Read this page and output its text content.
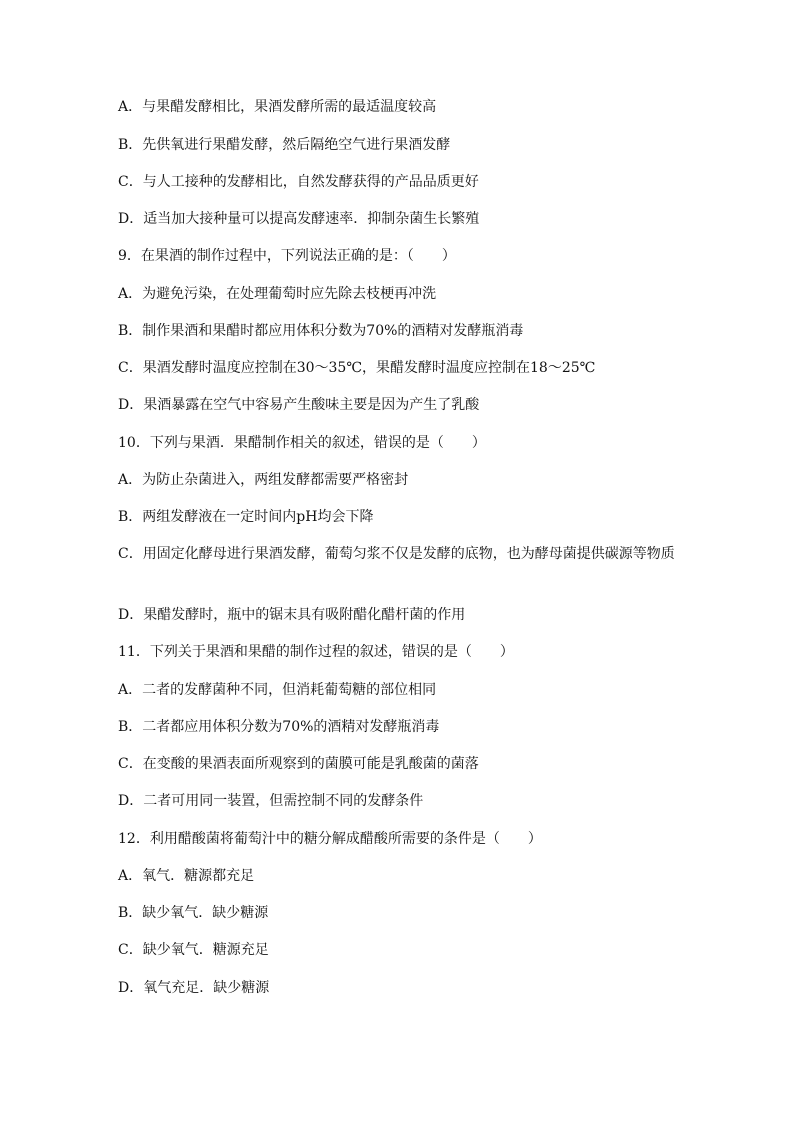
A．与果醋发酵相比，果酒发酵所需的最适温度较高
B．先供氧进行果醋发酵，然后隔绝空气进行果酒发酵
C．与人工接种的发酵相比，自然发酵获得的产品品质更好
D．适当加大接种量可以提高发酵速率．抑制杂菌生长繁殖
9．在果酒的制作过程中，下列说法正确的是：（　　）
A．为避免污染，在处理葡萄时应先除去枝梗再冲洗
B．制作果酒和果醋时都应用体积分数为70%的酒精对发酵瓶消毒
C．果酒发酵时温度应控制在30～35℃，果醋发酵时温度应控制在18～25℃
D．果酒暴露在空气中容易产生酸味主要是因为产生了乳酸
10．下列与果酒．果醋制作相关的叙述，错误的是（　　）
A．为防止杂菌进入，两组发酵都需要严格密封
B．两组发酵液在一定时间内pH均会下降
C．用固定化酵母进行果酒发酵，葡萄匀浆不仅是发酵的底物，也为酵母菌提供碳源等物质
D．果醋发酵时，瓶中的锯末具有吸附醋化醋杆菌的作用
11．下列关于果酒和果醋的制作过程的叙述，错误的是（　　）
A．二者的发酵菌种不同，但消耗葡萄糖的部位相同
B．二者都应用体积分数为70%的酒精对发酵瓶消毒
C．在变酸的果酒表面所观察到的菌膜可能是乳酸菌的菌落
D．二者可用同一装置，但需控制不同的发酵条件
12．利用醋酸菌将葡萄汁中的糖分解成醋酸所需要的条件是（　　）
A．氧气．糖源都充足
B．缺少氧气．缺少糖源
C．缺少氧气．糖源充足
D．氧气充足．缺少糖源
